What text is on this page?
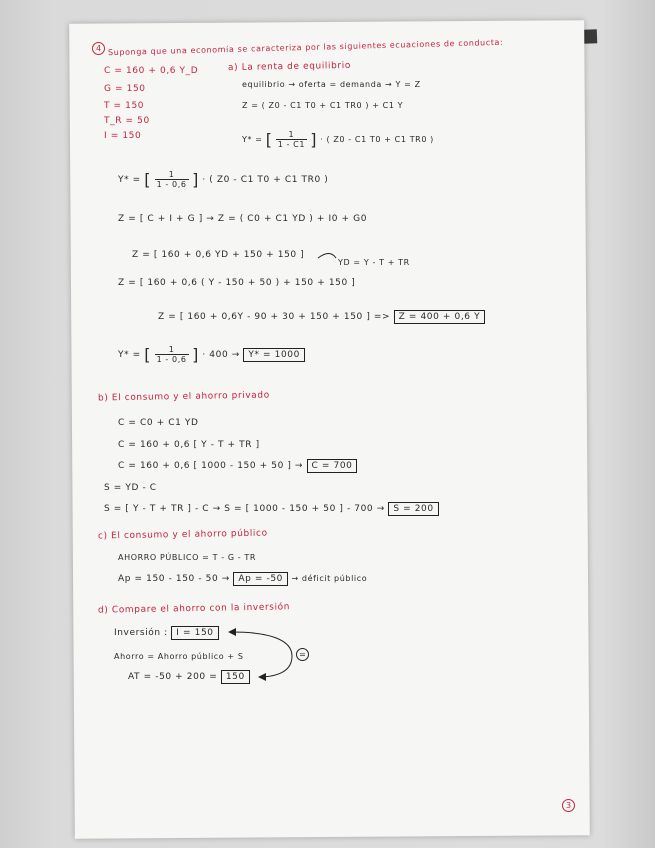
4 Suponga que una economía se caracteriza por las siguientes ecuaciones de conducta:
C = 160 + 0,6 Y_D
G = 150
T = 150
T_R = 50
I = 150
a) La renta de equilibrio
equilibrio → oferta = demanda → Y = Z
Z = ( Z0 - C1 T0 + C1 TR0 ) + C1 Y
Y* = [ $\frac{1}{1 - C1}$ ] · ( Z0 - C1 T0 + C1 TR0 )
Y* = [ $\frac{1}{1 - 0,6}$ ] · ( Z0 - C1 T0 + C1 TR0 )
Z = [ C + I + G ] → Z = ( C0 + C1 YD ) + I0 + G0
Z = [ 160 + 0,6 YD + 150 + 150 ]
YD = Y - T + TR
Z = [ 160 + 0,6 ( Y - 150 + 50 ) + 150 + 150 ]
Z = [ 160 + 0,6Y - 90 + 30 + 150 + 150 ] => Z = 400 + 0,6 Y
Y* = [ $\frac{1}{1 - 0,6}$ ] · 400 → Y* = 1000
b) El consumo y el ahorro privado
C = C0 + C1 YD
C = 160 + 0,6 [ Y - T + TR ]
C = 160 + 0,6 [ 1000 - 150 + 50 ] → C = 700
S = YD - C
S = [ Y - T + TR ] - C → S = [ 1000 - 150 + 50 ] - 700 → S = 200
c) El consumo y el ahorro público
AHORRO PÚBLICO = T - G - TR
Ap = 150 - 150 - 50 → Ap = -50 → déficit público
d) Compare el ahorro con la inversión
Inversión : I = 150
Ahorro = Ahorro público + S	=
AT = -50 + 200 = 150
3
